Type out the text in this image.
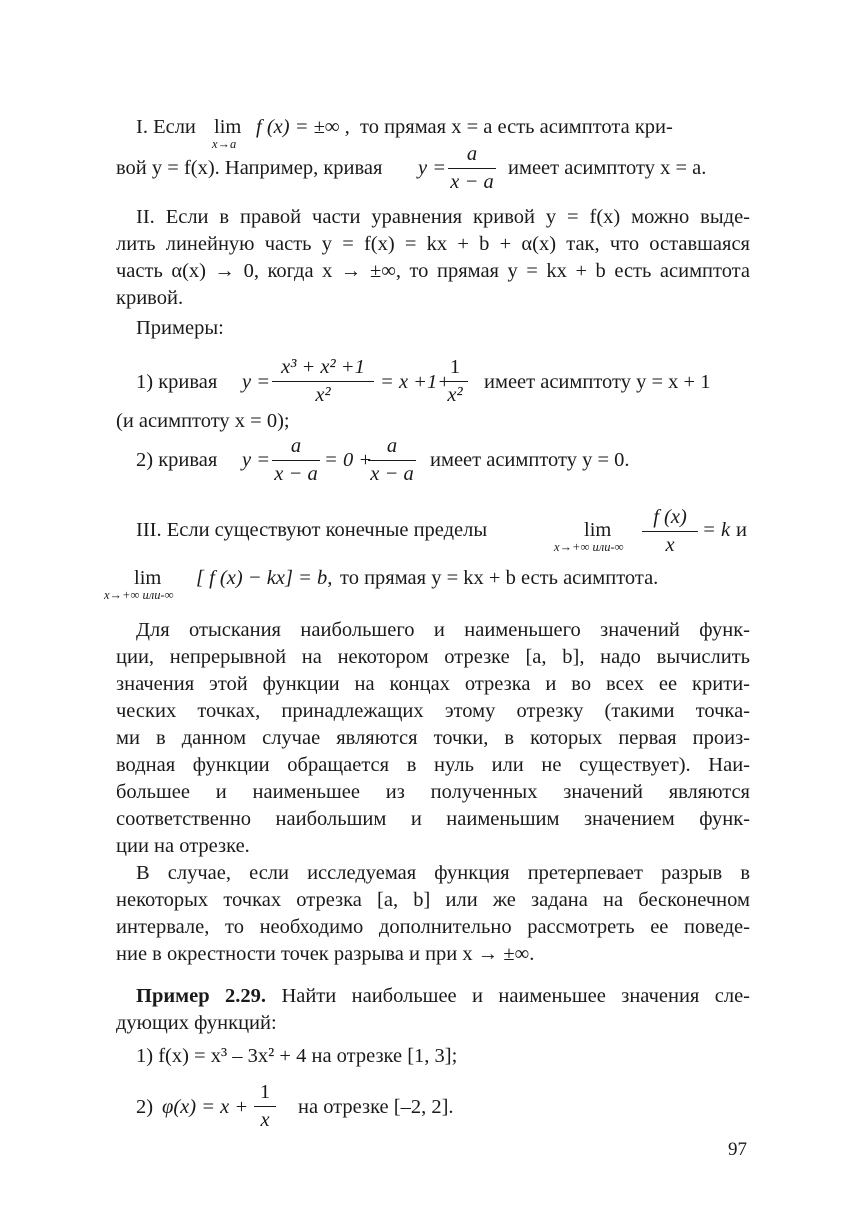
I. Если lim
x→a
f (x) = ±∞ , то прямая x = a есть асимптота кри-
вой y = f(x). Например, кривая y =
a
x − a
имеет асимптоту x = a.
II. Если в правой части уравнения кривой y = f(x) можно выде-
лить линейную часть y = f(x) = kx + b + α(x) так, что оставшаяся
часть α(x) → 0, когда x → ±∞, то прямая y = kx + b есть асимптота
кривой.
Примеры:
1) кривая y =
x³ + x² +1
x²
= x +1+
1
x²
имеет асимптоту y = x + 1
(и асимптоту x = 0);
2) кривая y =
a
x − a
= 0 +
a
x − a
имеет асимптоту y = 0.
III. Если существуют конечные пределы	lim
x→+∞ или-∞
f (x)
x
= k и
lim
x→+∞ или-∞
[ f (x) − kx] = b, то прямая y = kx + b есть асимптота.
Для отыскания наибольшего и наименьшего значений функ-
ции, непрерывной на некотором отрезке [a, b], надо вычислить
значения этой функции на концах отрезка и во всех ее крити-
ческих точках, принадлежащих этому отрезку (такими точка-
ми в данном случае являются точки, в которых первая произ-
водная функции обращается в нуль или не существует). Наи-
большее и наименьшее из полученных значений являются
соответственно наибольшим и наименьшим значением функ-
ции на отрезке.
В случае, если исследуемая функция претерпевает разрыв в
некоторых точках отрезка [a, b] или же задана на бесконечном
интервале, то необходимо дополнительно рассмотреть ее поведе-
ние в окрестности точек разрыва и при x → ±∞.
Пример 2.29. Найти наибольшее и наименьшее значения сле-
дующих функций:
1) f(x) = x³ – 3x² + 4 на отрезке [1, 3];
2) φ(x) = x +
1
x
на отрезке [–2, 2].
97
